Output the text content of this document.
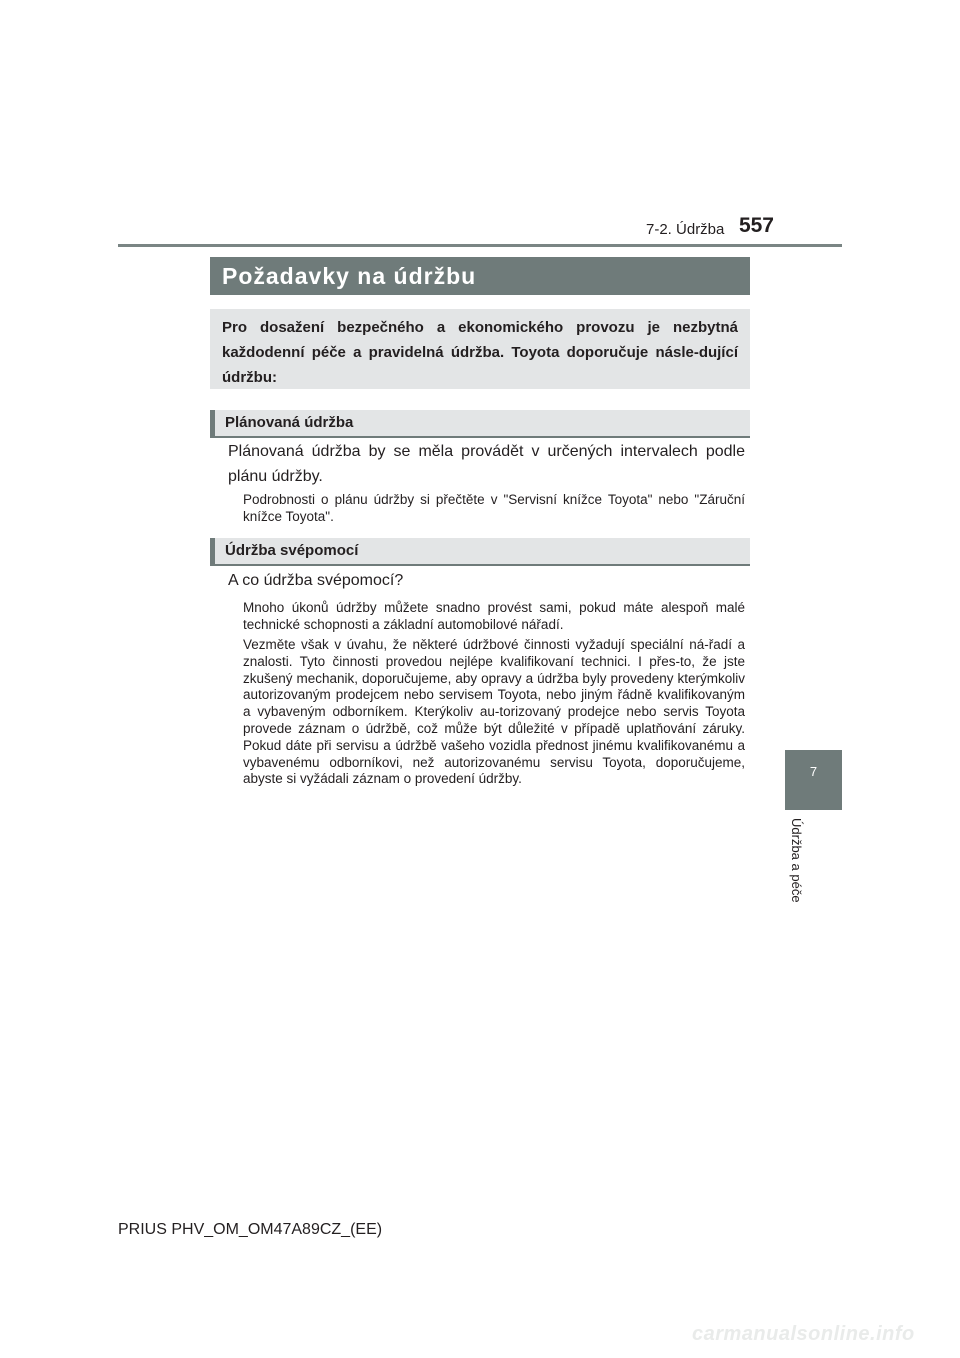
7-2. Údržba 557
Požadavky na údržbu
Pro dosažení bezpečného a ekonomického provozu je nezbytná každodenní péče a pravidelná údržba. Toyota doporučuje násle-dující údržbu:
Plánovaná údržba

Plánovaná údržba by se měla provádět v určených intervalech podle plánu údržby.

Podrobnosti o plánu údržby si přečtěte v "Servisní knížce Toyota" nebo "Záruční knížce Toyota".

Údržba svépomocí

A co údržba svépomocí?

Mnoho úkonů údržby můžete snadno provést sami, pokud máte alespoň malé technické schopnosti a základní automobilové nářadí.

Vezměte však v úvahu, že některé údržbové činnosti vyžadují speciální ná-řadí a znalosti. Tyto činnosti provedou nejlépe kvalifikovaní technici. I přes-to, že jste zkušený mechanik, doporučujeme, aby opravy a údržba byly provedeny kterýmkoliv autorizovaným prodejcem nebo servisem Toyota, nebo jiným řádně kvalifikovaným a vybaveným odborníkem. Kterýkoliv au-torizovaný prodejce nebo servis Toyota provede záznam o údržbě, což může být důležité v případě uplatňování záruky. Pokud dáte při servisu a údržbě vašeho vozidla přednost jinému kvalifikovanému a vybavenému odborníkovi, než autorizovanému servisu Toyota, doporučujeme, abyste si vyžádali záznam o provedení údržby.	7
Údržba a péče
PRIUS PHV_OM_OM47A89CZ_(EE)
carmanualsonline.info
